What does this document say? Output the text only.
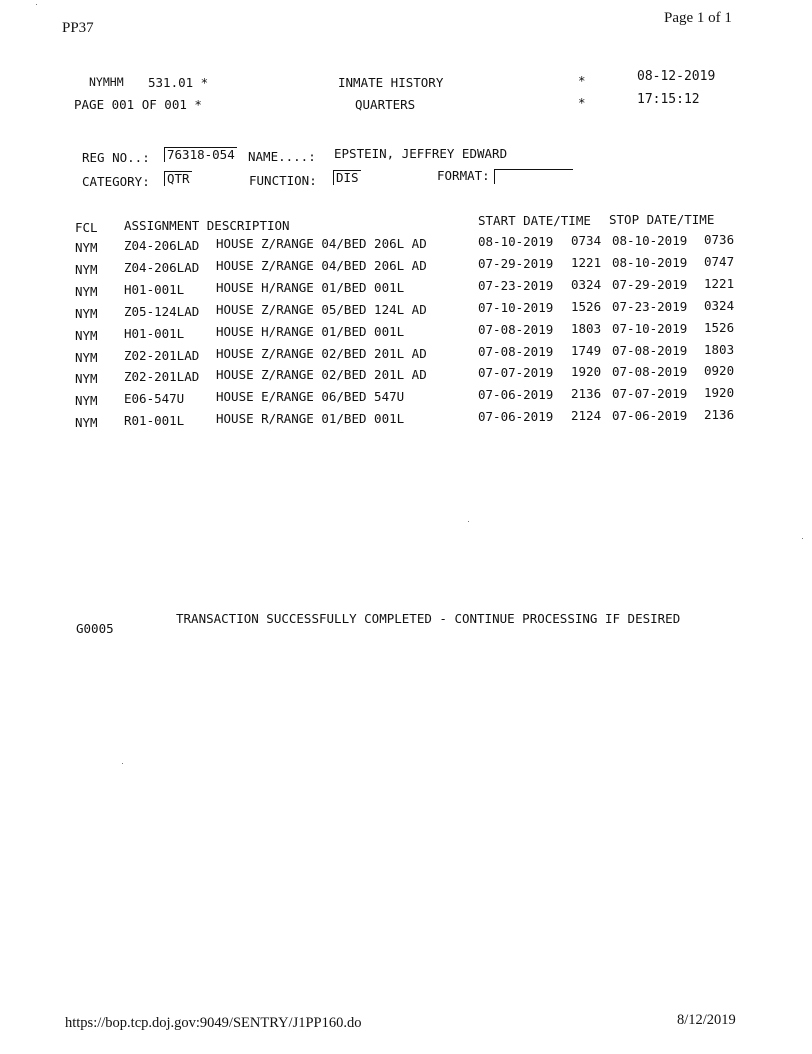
PP37
Page 1 of 1
NYMHM 531.01 *
PAGE 001 OF 001 *
INMATE HISTORY
QUARTERS
*
*
08-12-2019
17:15:12
REG NO..: 76318-054 NAME....: EPSTEIN, JEFFREY EDWARD
CATEGORY: QTR	FUNCTION: DIS	FORMAT:
FCL ASSIGNMENT DESCRIPTION	START DATE/TIME STOP DATE/TIME
NYM Z04-206LAD HOUSE Z/RANGE 04/BED 206L AD	08-10-2019 0734 08-10-2019 0736
NYM Z04-206LAD HOUSE Z/RANGE 04/BED 206L AD	07-29-2019 1221 08-10-2019 0747
NYM H01-001L	HOUSE H/RANGE 01/BED 001L	07-23-2019 0324 07-29-2019 1221
NYM Z05-124LAD HOUSE Z/RANGE 05/BED 124L AD	07-10-2019 1526 07-23-2019 0324
NYM H01-001L	HOUSE H/RANGE 01/BED 001L	07-08-2019 1803 07-10-2019 1526
NYM Z02-201LAD HOUSE Z/RANGE 02/BED 201L AD	07-08-2019 1749 07-08-2019 1803
NYM Z02-201LAD HOUSE Z/RANGE 02/BED 201L AD	07-07-2019 1920 07-08-2019 0920
NYM E06-547U	HOUSE E/RANGE 06/BED 547U	07-06-2019 2136 07-07-2019 1920
NYM R01-001L	HOUSE R/RANGE 01/BED 001L	07-06-2019 2124 07-06-2019 2136
G0005
TRANSACTION SUCCESSFULLY COMPLETED - CONTINUE PROCESSING IF DESIRED
https://bop.tcp.doj.gov:9049/SENTRY/J1PP160.do	8/12/2019
